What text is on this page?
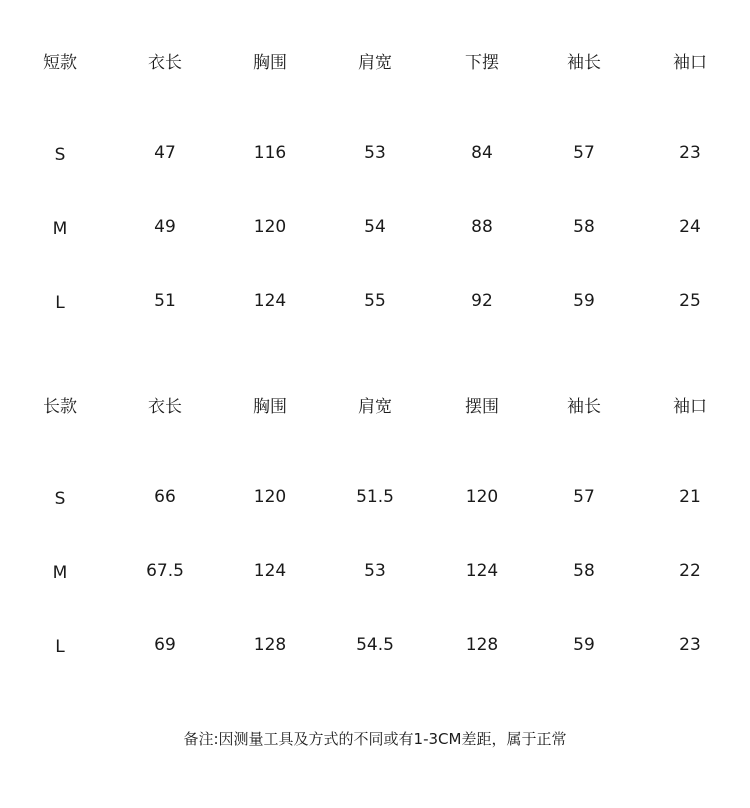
短款	衣长	胸围	肩宽	下摆	袖长	袖口
S	47	116	53	84	57	23
M	49	120	54	88	58	24
L	51	124	55	92	59	25
长款	衣长	胸围	肩宽	摆围	袖长	袖口
S	66	120	51.5	120	57	21
M	67.5	124	53	124	58	22
L	69	128	54.5	128	59	23
备注:因测量工具及方式的不同或有1-3CM差距，属于正常
